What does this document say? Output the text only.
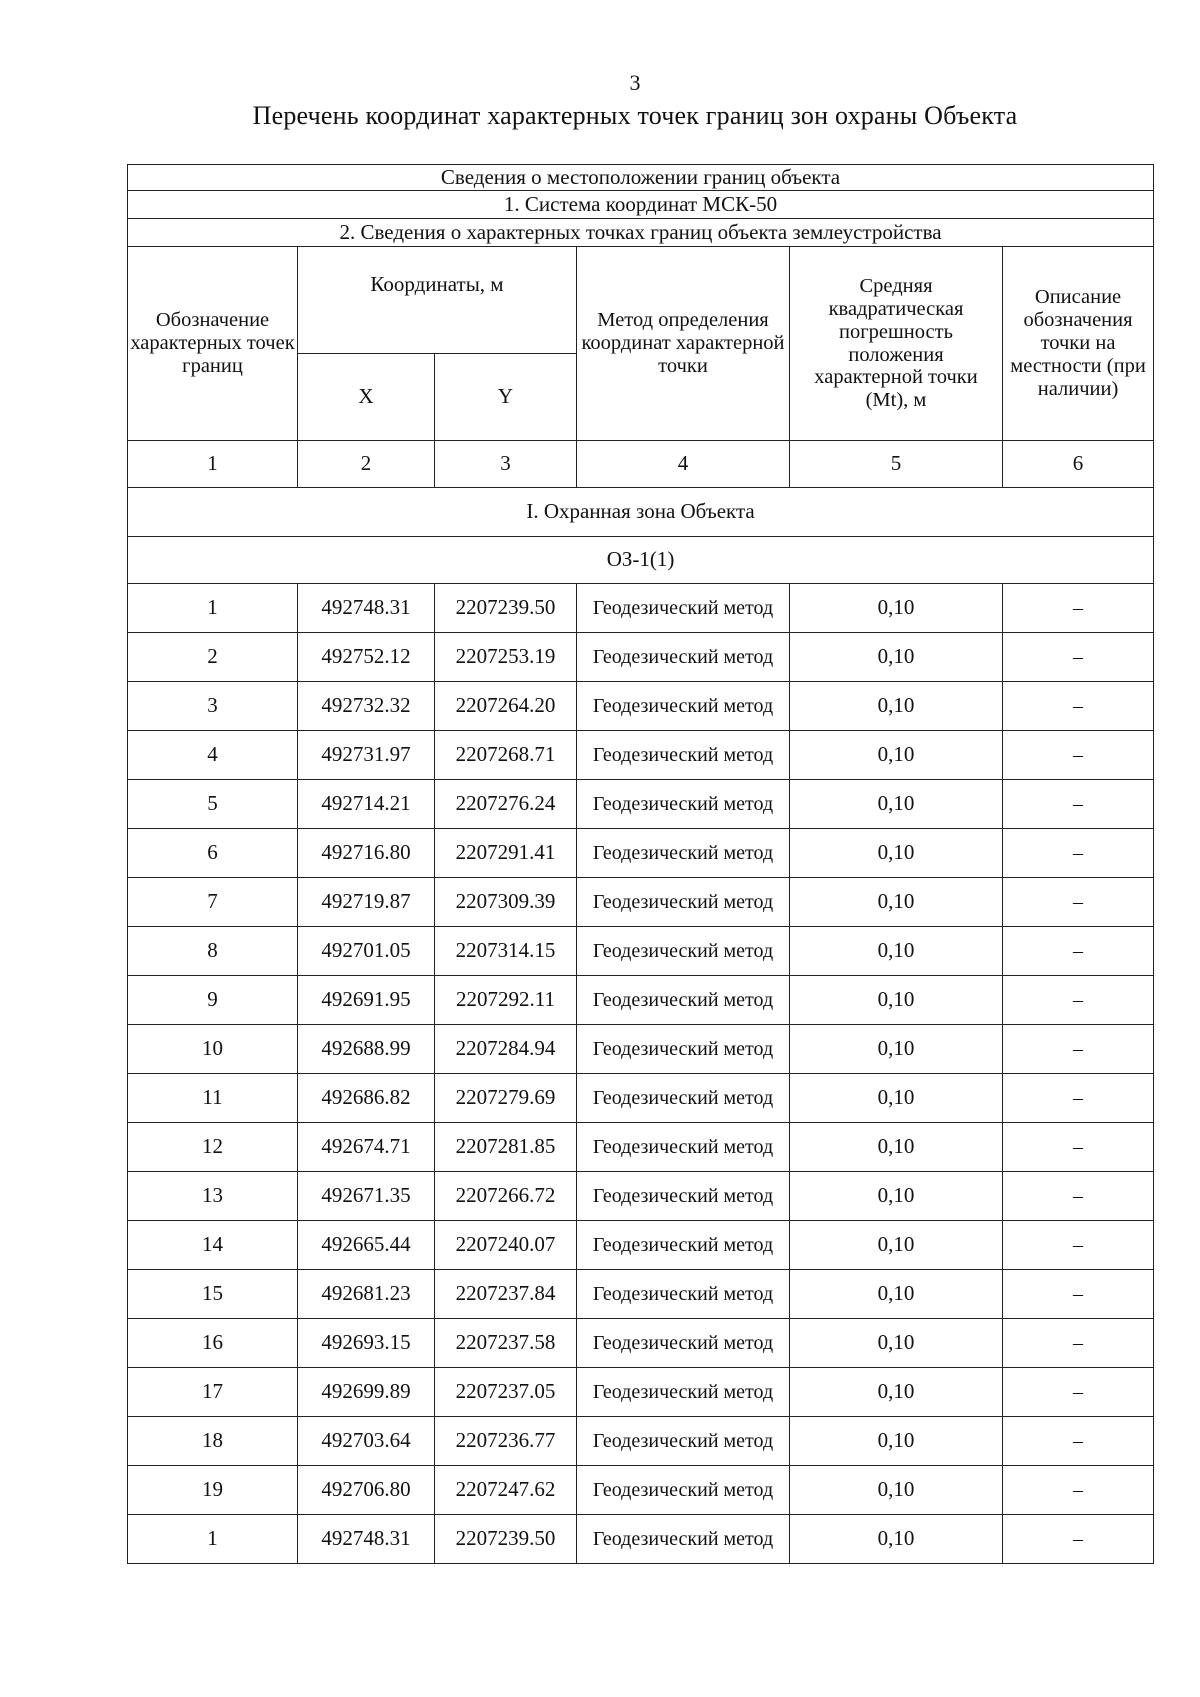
3
Перечень координат характерных точек границ зон охраны Объекта
Сведения о местоположении границ объекта					
1. Система координат МСК-50					
2. Сведения о характерных точках границ объекта землеустройства					
Обозначение характерных точек границ	Координаты, м		Метод определения координат характерной точки	Средняя квадратическая погрешность положения характерной точки (Mt), м	Описание обозначения точки на местности (при наличии)
	X	Y			
1	2	3	4	5	6
I. Охранная зона Объекта					
ОЗ-1(1)					
1	492748.31	2207239.50	Геодезический метод	0,10	–
2	492752.12	2207253.19	Геодезический метод	0,10	–
3	492732.32	2207264.20	Геодезический метод	0,10	–
4	492731.97	2207268.71	Геодезический метод	0,10	–
5	492714.21	2207276.24	Геодезический метод	0,10	–
6	492716.80	2207291.41	Геодезический метод	0,10	–
7	492719.87	2207309.39	Геодезический метод	0,10	–
8	492701.05	2207314.15	Геодезический метод	0,10	–
9	492691.95	2207292.11	Геодезический метод	0,10	–
10	492688.99	2207284.94	Геодезический метод	0,10	–
11	492686.82	2207279.69	Геодезический метод	0,10	–
12	492674.71	2207281.85	Геодезический метод	0,10	–
13	492671.35	2207266.72	Геодезический метод	0,10	–
14	492665.44	2207240.07	Геодезический метод	0,10	–
15	492681.23	2207237.84	Геодезический метод	0,10	–
16	492693.15	2207237.58	Геодезический метод	0,10	–
17	492699.89	2207237.05	Геодезический метод	0,10	–
18	492703.64	2207236.77	Геодезический метод	0,10	–
19	492706.80	2207247.62	Геодезический метод	0,10	–
1	492748.31	2207239.50	Геодезический метод	0,10	–
